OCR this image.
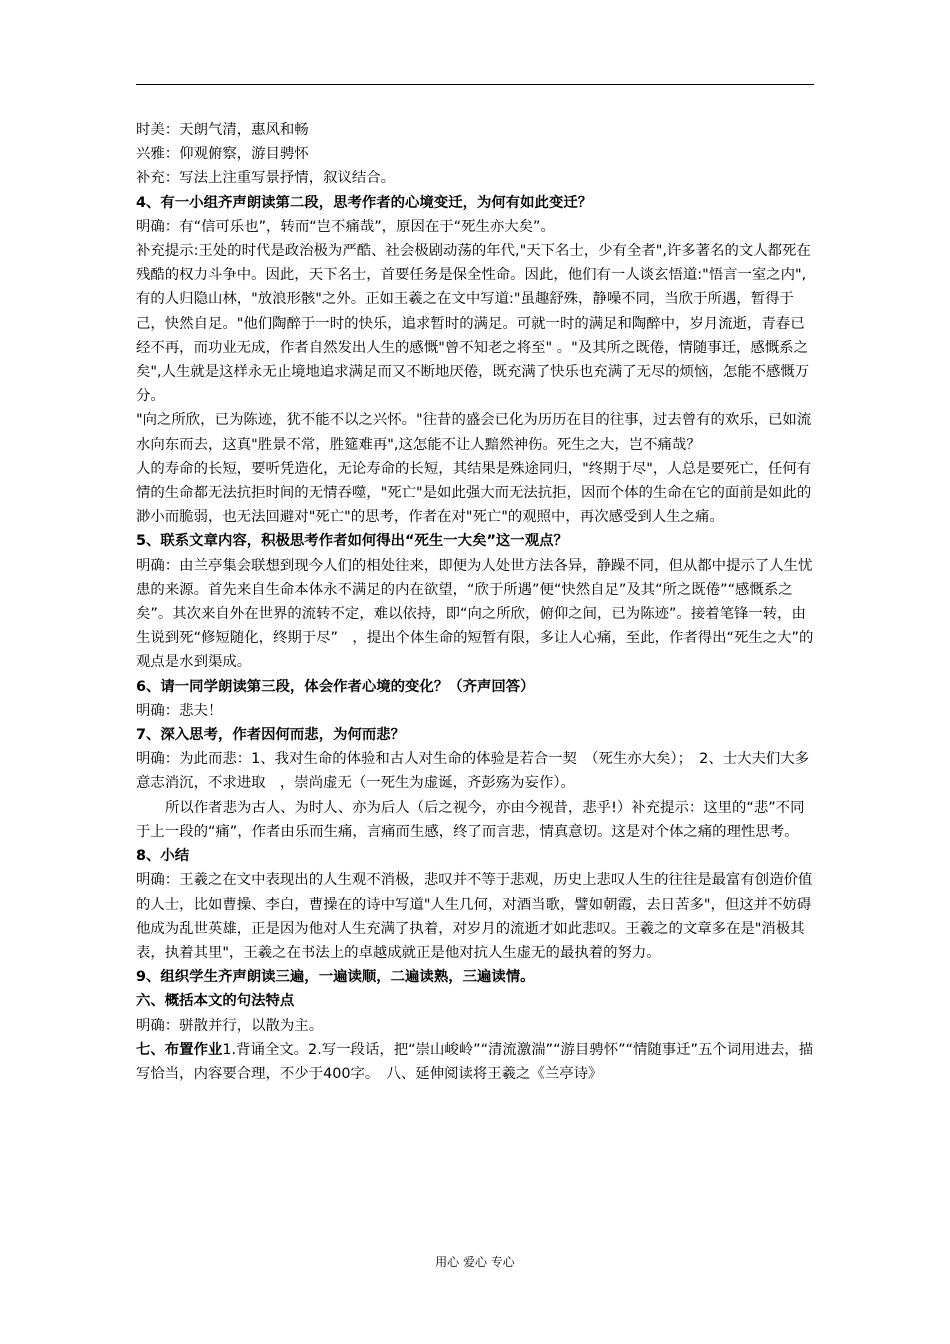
时美：天朗气清，惠风和畅

兴雅：仰观俯察，游目骋怀

补充：写法上注重写景抒情，叙议结合。

4、有一小组齐声朗读第二段，思考作者的心境变迁，为何有如此变迁？

明确：有“信可乐也”，转而“岂不痛哉”，原因在于“死生亦大矣”。

补充提示:王处的时代是政治极为严酷、社会极剧动荡的年代,"天下名士，少有全者",许多著名的文人都死在残酷的权力斗争中。因此，天下名士，首要任务是保全性命。因此，他们有一人谈玄悟道:"悟言一室之内",有的人归隐山林，"放浪形骸"之外。正如王羲之在文中写道:"虽趣舒殊，静噪不同，当欣于所遇，暂得于己，快然自足。"他们陶醉于一时的快乐，追求暂时的满足。可就一时的满足和陶醉中，岁月流逝，青春已经不再，而功业无成，作者自然发出人生的感慨"曾不知老之将至" 。"及其所之既倦，情随事迁，感慨系之矣",人生就是这样永无止境地追求满足而又不断地厌倦，既充满了快乐也充满了无尽的烦恼，怎能不感慨万分。

"向之所欣，已为陈迹，犹不能不以之兴怀。"往昔的盛会已化为历历在目的往事，过去曾有的欢乐，已如流水向东而去，这真"胜景不常，胜筵难再",这怎能不让人黯然神伤。死生之大，岂不痛哉？

人的寿命的长短，要听凭造化，无论寿命的长短，其结果是殊途同归，"终期于尽"，人总是要死亡，任何有情的生命都无法抗拒时间的无情吞噬，"死亡"是如此强大而无法抗拒，因而个体的生命在它的面前是如此的渺小而脆弱，也无法回避对"死亡"的思考，作者在对"死亡"的观照中，再次感受到人生之痛。

5、联系文章内容，积极思考作者如何得出“死生一大矣”这一观点？

明确：由兰亭集会联想到现今人们的相处往来，即便为人处世方法各异，静躁不同，但从都中提示了人生忧患的来源。首先来自生命本体永不满足的内在欲望，“欣于所遇”便“快然自足”及其“所之既倦”“感慨系之矣”。其次来自外在世界的流转不定，难以依持，即“向之所欣，俯仰之间，已为陈迹”。接着笔锋一转，由生说到死“修短随化，终期于尽”　，提出个体生命的短暂有限，多让人心痛，至此，作者得出“死生之大”的观点是水到渠成。

6、请一同学朗读第三段，体会作者心境的变化？（齐声回答）

明确：悲夫！

7、深入思考，作者因何而悲，为何而悲？

明确：为此而悲：1、我对生命的体验和古人对生命的体验是若合一契　（死生亦大矣）；　2、士大夫们大多意志消沉，不求进取　，崇尚虚无（一死生为虚诞，齐彭殇为妄作）。

所以作者悲为古人、为时人、亦为后人（后之视今，亦由今视昔，悲乎!）补充提示：这里的“悲”不同于上一段的“痛”，作者由乐而生痛，言痛而生感，终了而言悲，情真意切。这是对个体之痛的理性思考。

8、小结

明确：王羲之在文中表现出的人生观不消极，悲叹并不等于悲观，历史上悲叹人生的往往是最富有创造价值的人士，比如曹操、李白，曹操在的诗中写道"人生几何，对酒当歌，譬如朝霞，去日苦多"，但这并不妨碍他成为乱世英雄，正是因为他对人生充满了执着，对岁月的流逝才如此悲叹。王羲之的文章多在是"消极其表，执着其里"，王羲之在书法上的卓越成就正是他对抗人生虚无的最执着的努力。

9、组织学生齐声朗读三遍，一遍读顺，二遍读熟，三遍读情。

六、概括本文的句法特点

明确：骈散并行，以散为主。

七、布置作业1.背诵全文。2.写一段话，把“崇山峻岭”“清流激湍”“游目骋怀”“情随事迁”五个词用进去，描写恰当，内容要合理，不少于400字。　八、延伸阅读将王羲之《兰亭诗》

用心 爱心 专心
